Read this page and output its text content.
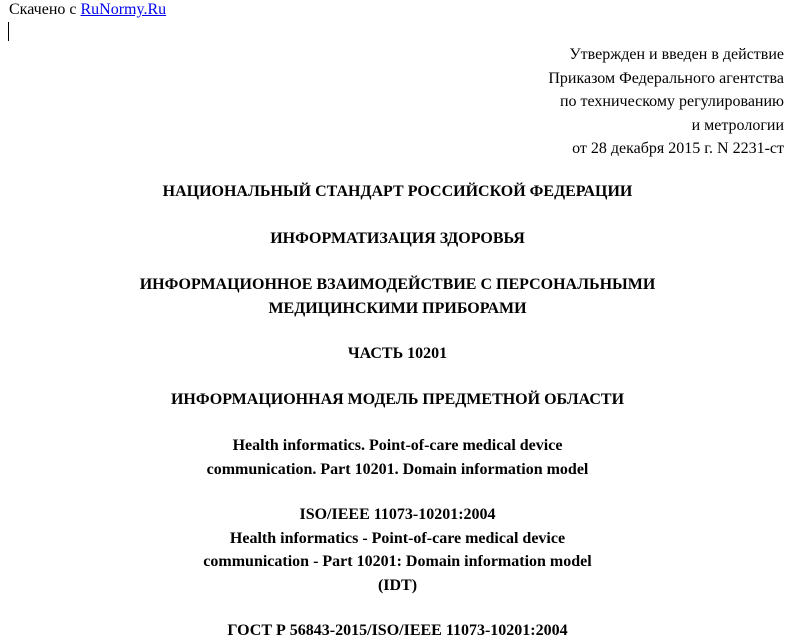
Скачено с RuNormy.Ru
Утвержден и введен в действие
Приказом Федерального агентства
по техническому регулированию
и метрологии
от 28 декабря 2015 г. N 2231-ст
НАЦИОНАЛЬНЫЙ СТАНДАРТ РОССИЙСКОЙ ФЕДЕРАЦИИ
ИНФОРМАТИЗАЦИЯ ЗДОРОВЬЯ
ИНФОРМАЦИОННОЕ ВЗАИМОДЕЙСТВИЕ С ПЕРСОНАЛЬНЫМИ
МЕДИЦИНСКИМИ ПРИБОРАМИ
ЧАСТЬ 10201
ИНФОРМАЦИОННАЯ МОДЕЛЬ ПРЕДМЕТНОЙ ОБЛАСТИ
Health informatics. Point-of-care medical device
communication. Part 10201. Domain information model
ISO/IEEE 11073-10201:2004
Health informatics - Point-of-care medical device
communication - Part 10201: Domain information model
(IDT)
ГОСТ Р 56843-2015/ISO/IEEE 11073-10201:2004
